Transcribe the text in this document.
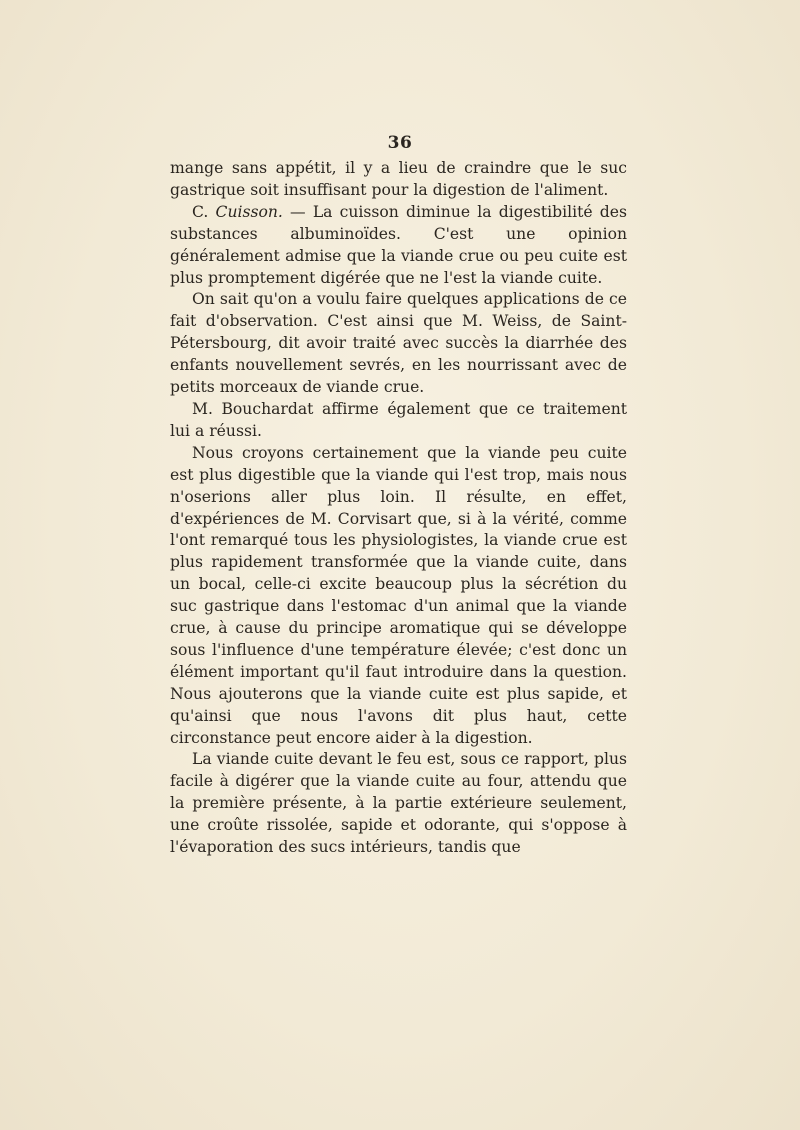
36

mange sans appétit, il y a lieu de craindre que le suc gastrique soit insuffisant pour la digestion de l'aliment.

C. Cuisson. — La cuisson diminue la digestibilité des substances albuminoïdes. C'est une opinion généralement admise que la viande crue ou peu cuite est plus promptement digérée que ne l'est la viande cuite.

On sait qu'on a voulu faire quelques applications de ce fait d'observation. C'est ainsi que M. Weiss, de Saint-Pétersbourg, dit avoir traité avec succès la diarrhée des enfants nouvellement sevrés, en les nourrissant avec de petits morceaux de viande crue.

M. Bouchardat affirme également que ce traitement lui a réussi.

Nous croyons certainement que la viande peu cuite est plus digestible que la viande qui l'est trop, mais nous n'oserions aller plus loin. Il résulte, en effet, d'expériences de M. Corvisart que, si à la vérité, comme l'ont remarqué tous les physiologistes, la viande crue est plus rapidement transformée que la viande cuite, dans un bocal, celle-ci excite beaucoup plus la sécrétion du suc gastrique dans l'estomac d'un animal que la viande crue, à cause du principe aromatique qui se développe sous l'influence d'une température élevée; c'est donc un élément important qu'il faut introduire dans la question. Nous ajouterons que la viande cuite est plus sapide, et qu'ainsi que nous l'avons dit plus haut, cette circonstance peut encore aider à la digestion.

La viande cuite devant le feu est, sous ce rapport, plus facile à digérer que la viande cuite au four, attendu que la première présente, à la partie extérieure seulement, une croûte rissolée, sapide et odorante, qui s'oppose à l'évaporation des sucs intérieurs, tandis que
